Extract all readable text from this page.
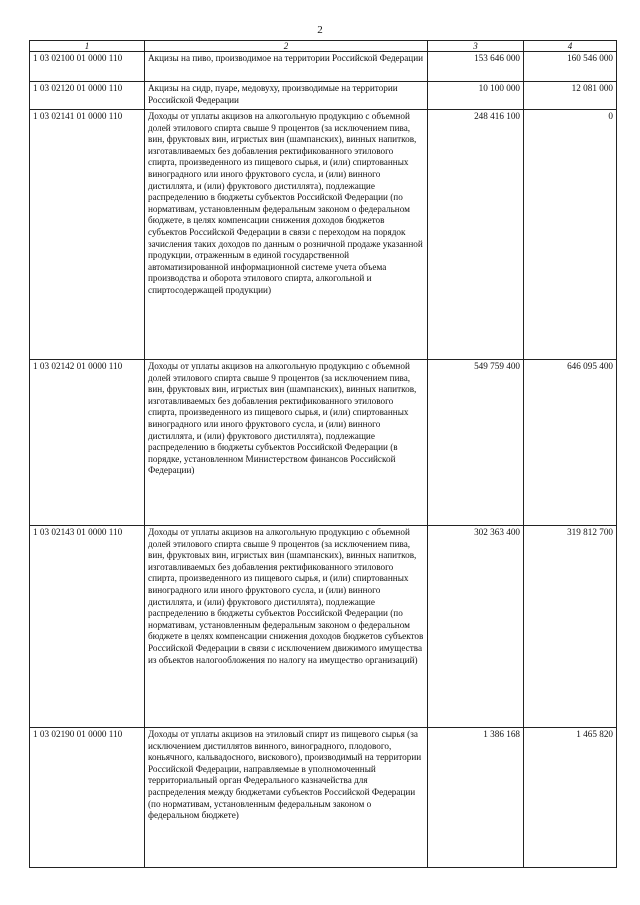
2
1	2	3	4
1 03 02100 01 0000 110	Акцизы на пиво, производимое на территории Российской Федерации	153 646 000	160 546 000
1 03 02120 01 0000 110	Акцизы на сидр, пуаре, медовуху, производимые на территории Российской Федерации	10 100 000	12 081 000
1 03 02141 01 0000 110	Доходы от уплаты акцизов на алкогольную продукцию с объемной долей этилового спирта свыше 9 процентов (за исключением пива, вин, фруктовых вин, игристых вин (шампанских), винных напитков, изготавливаемых без добавления ректификованного этилового спирта, произведенного из пищевого сырья, и (или) спиртованных виноградного или иного фруктового сусла, и (или) винного дистиллята, и (или) фруктового дистиллята), подлежащие распределению в бюджеты субъектов Российской Федерации (по нормативам, установленным федеральным законом о федеральном бюджете, в целях компенсации снижения доходов бюджетов субъектов Российской Федерации в связи с переходом на порядок зачисления таких доходов по данным о розничной продаже указанной продукции, отраженным в единой государственной автоматизированной информационной системе учета объема производства и оборота этилового спирта, алкогольной и спиртосодержащей продукции)	248 416 100	0
1 03 02142 01 0000 110	Доходы от уплаты акцизов на алкогольную продукцию с объемной долей этилового спирта свыше 9 процентов (за исключением пива, вин, фруктовых вин, игристых вин (шампанских), винных напитков, изготавливаемых без добавления ректификованного этилового спирта, произведенного из пищевого сырья, и (или) спиртованных виноградного или иного фруктового сусла, и (или) винного дистиллята, и (или) фруктового дистиллята), подлежащие распределению в бюджеты субъектов Российской Федерации (в порядке, установленном Министерством финансов Российской Федерации)	549 759 400	646 095 400
1 03 02143 01 0000 110	Доходы от уплаты акцизов на алкогольную продукцию с объемной долей этилового спирта свыше 9 процентов (за исключением пива, вин, фруктовых вин, игристых вин (шампанских), винных напитков, изготавливаемых без добавления ректификованного этилового спирта, произведенного из пищевого сырья, и (или) спиртованных виноградного или иного фруктового сусла, и (или) винного дистиллята, и (или) фруктового дистиллята), подлежащие распределению в бюджеты субъектов Российской Федерации (по нормативам, установленным федеральным законом о федеральном бюджете в целях компенсации снижения доходов бюджетов субъектов Российской Федерации в связи с исключением движимого имущества из объектов налогообложения по налогу на имущество организаций)	302 363 400	319 812 700
1 03 02190 01 0000 110	Доходы от уплаты акцизов на этиловый спирт из пищевого сырья (за исключением дистиллятов винного, виноградного, плодового, коньячного, кальвадосного, вискового), производимый на территории Российской Федерации, направляемые в уполномоченный территориальный орган Федерального казначейства для распределения между бюджетами субъектов Российской Федерации (по нормативам, установленным федеральным законом о федеральном бюджете)	1 386 168	1 465 820
